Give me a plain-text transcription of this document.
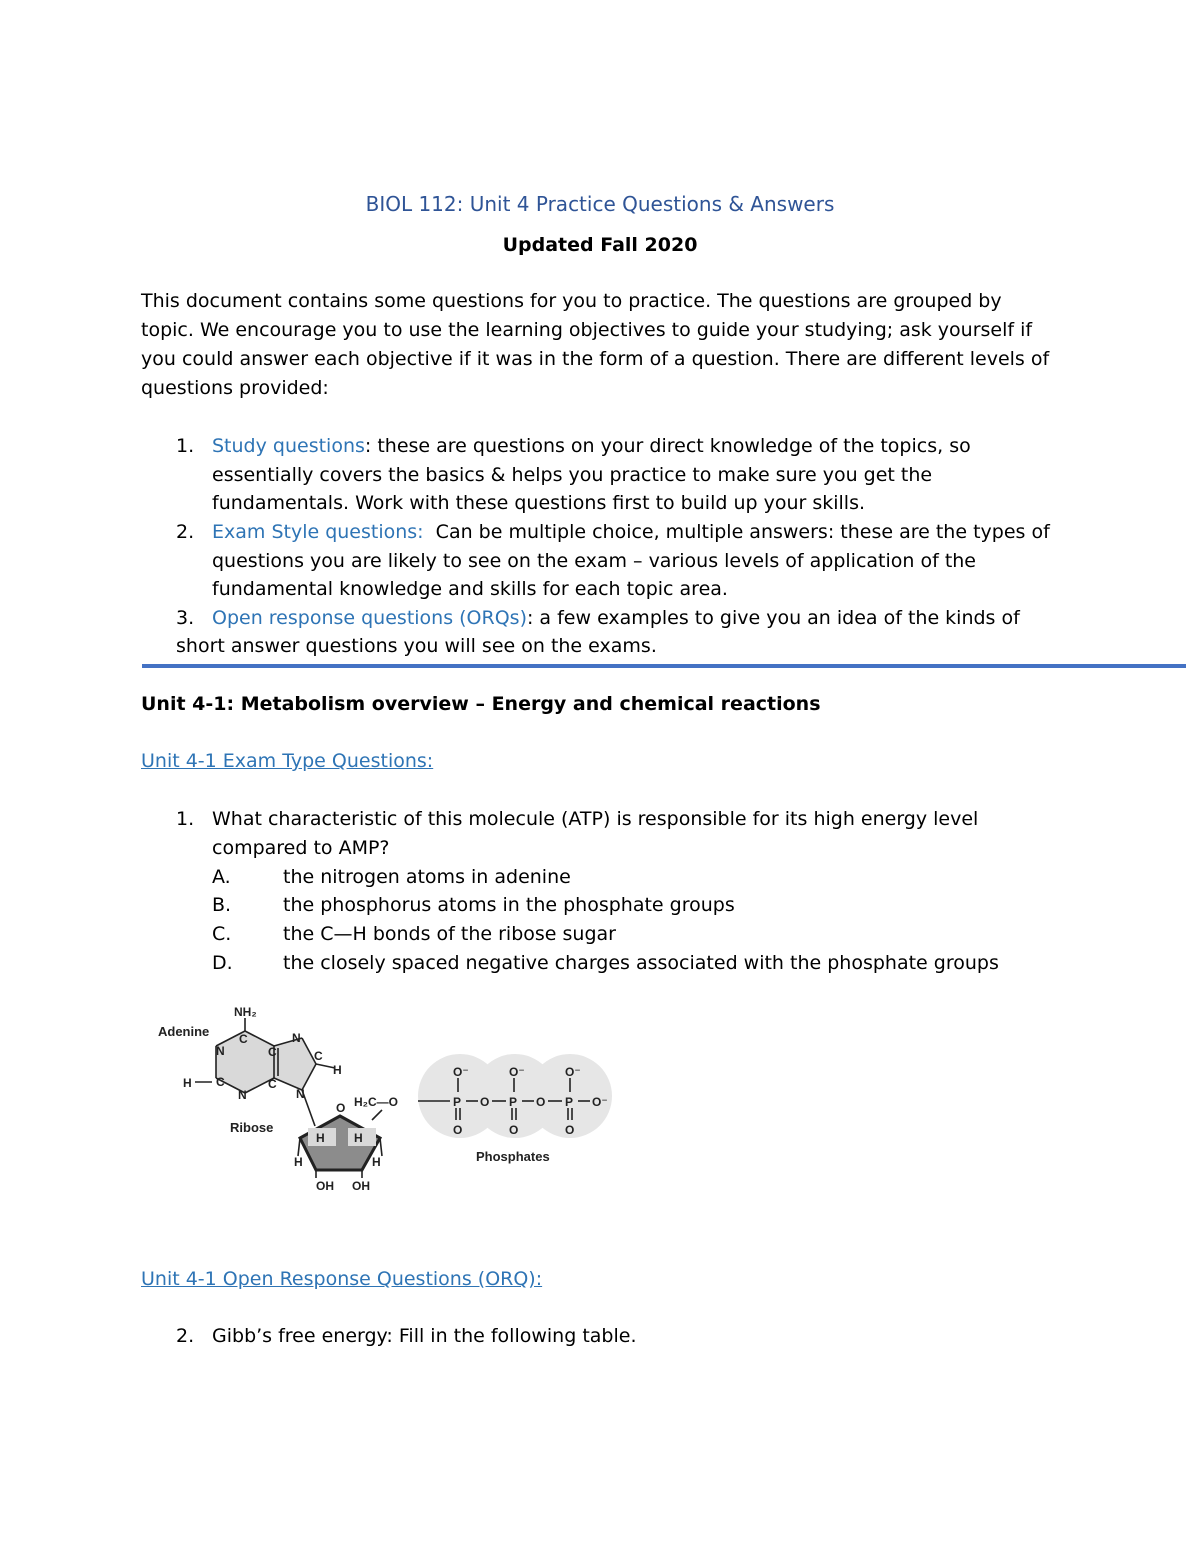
BIOL 112: Unit 4 Practice Questions & Answers
Updated Fall 2020

This document contains some questions for you to practice. The questions are grouped by

topic. We encourage you to use the learning objectives to guide your studying; ask yourself if

you could answer each objective if it was in the form of a question. There are different levels of

questions provided:

1. Study questions: these are questions on your direct knowledge of the topics, so
essentially covers the basics & helps you practice to make sure you get the
fundamentals. Work with these questions first to build up your skills.
2. Exam Style questions:  Can be multiple choice, multiple answers: these are the types of
questions you are likely to see on the exam – various levels of application of the
fundamental knowledge and skills for each topic area.
3. Open response questions (ORQs): a few examples to give you an idea of the kinds of
short answer questions you will see on the exams.
Unit 4-1: Metabolism overview – Energy and chemical reactions
Unit 4-1 Exam Type Questions:
1. What characteristic of this molecule (ATP) is responsible for its high energy level
compared to AMP?
A.	the nitrogen atoms in adenine
B.	the phosphorus atoms in the phosphate groups
C.	the C—H bonds of the ribose sugar
D.	the closely spaced negative charges associated with the phosphate groups
NH₂
Adenine
N
C
C
N
C
H
C
N
N
C
H
O
H H
H	H
OH OH
Ribose
H₂C—O
O⁻	O⁻	O⁻
P O P O P O⁻
O	O	O
Phosphates
Unit 4-1 Open Response Questions (ORQ):
2. Gibb’s free energy: Fill in the following table.
